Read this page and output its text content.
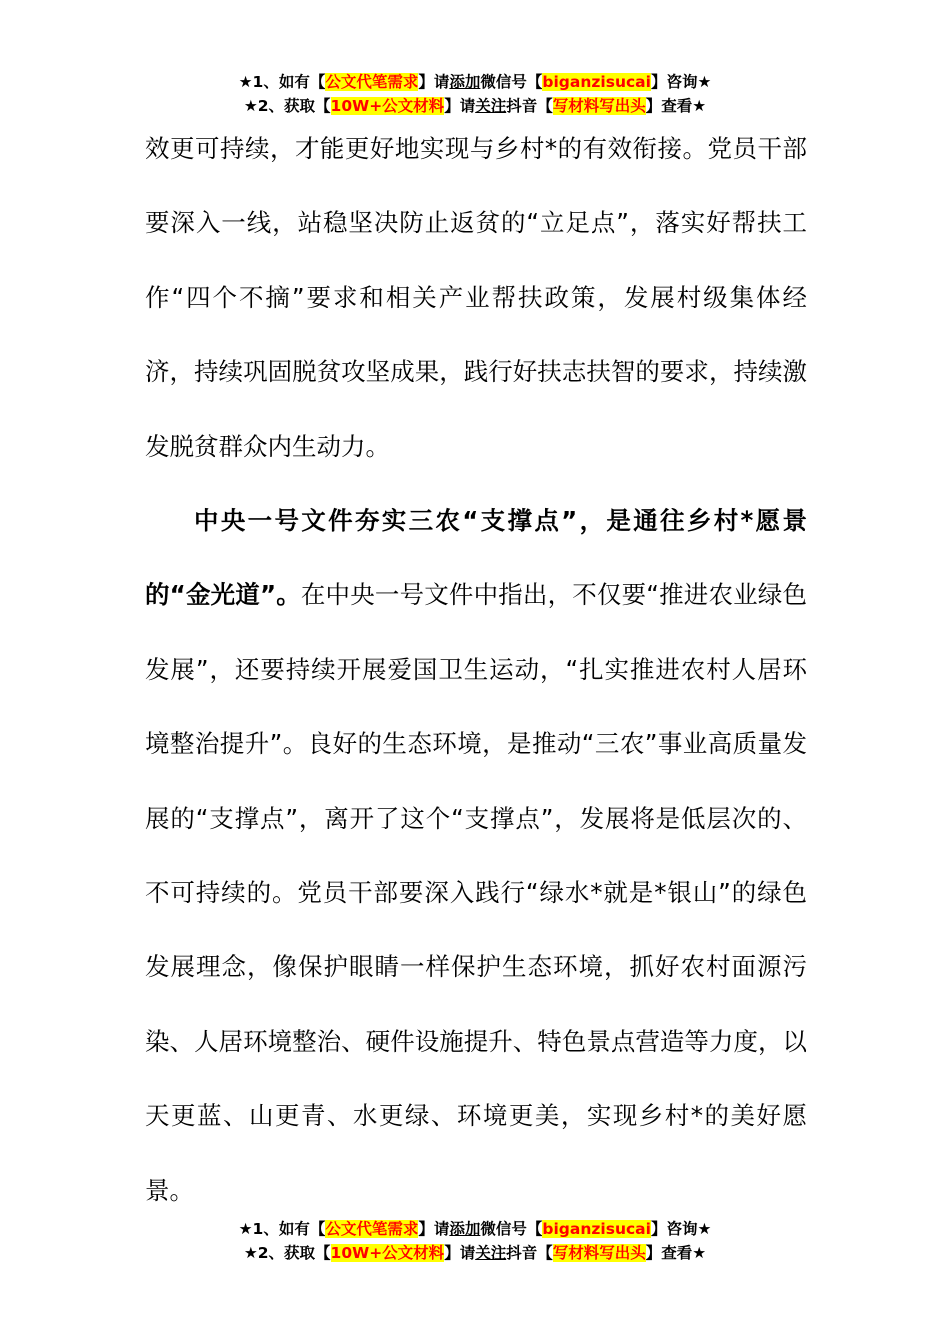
★1、如有【公文代笔需求】请添加微信号【biganzisucai】咨询★
★2、获取【10W+公文材料】请关注抖音【写材料写出头】查看★

效更可持续，才能更好地实现与乡村*的有效衔接。党员干部要深入一线，站稳坚决防止返贫的“立足点”，落实好帮扶工作“四个不摘”要求和相关产业帮扶政策，发展村级集体经济，持续巩固脱贫攻坚成果，践行好扶志扶智的要求，持续激发脱贫群众内生动力。

中央一号文件夯实三农“支撑点”，是通往乡村*愿景的“金光道”。在中央一号文件中指出，不仅要“推进农业绿色发展”，还要持续开展爱国卫生运动，“扎实推进农村人居环境整治提升”。良好的生态环境，是推动“三农”事业高质量发展的“支撑点”，离开了这个“支撑点”，发展将是低层次的、不可持续的。党员干部要深入践行“绿水*就是*银山”的绿色发展理念，像保护眼睛一样保护生态环境，抓好农村面源污染、人居环境整治、硬件设施提升、特色景点营造等力度，以天更蓝、山更青、水更绿、环境更美，实现乡村*的美好愿景。

★1、如有【公文代笔需求】请添加微信号【biganzisucai】咨询★
★2、获取【10W+公文材料】请关注抖音【写材料写出头】查看★
